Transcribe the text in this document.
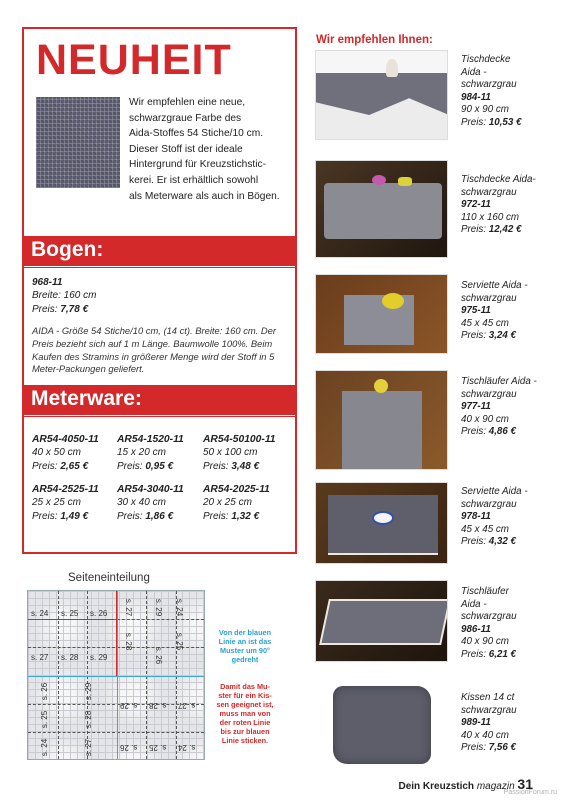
NEUHEIT
Wir empfehlen eine neue,
schwarzgraue Farbe des
Aida-Stoffes 54 Stiche/10 cm.
Dieser Stoff ist der ideale
Hintergrund für Kreuzstichstic-
kerei. Er ist erhältlich sowohl
als Meterware als auch in Bögen.
Bogen:
968-11
Breite: 160 cm
Preis: 7,78 €
AIDA - Größe 54 Stiche/10 cm, (14 ct). Breite: 160 cm. Der
Preis bezieht sich auf 1 m Länge. Baumwolle 100%. Beim
Kaufen des Stramins in größerer Menge wird der Stoff in 5
Meter-Packungen geliefert.
Meterware:
AR54-4050-11
40 x 50 cm
Preis: 2,65 €
AR54-1520-11
15 x 20 cm
Preis: 0,95 €
AR54-50100-11
50 x 100 cm
Preis: 3,48 €
AR54-2525-11
25 x 25 cm
Preis: 1,49 €
AR54-3040-11
30 x 40 cm
Preis: 1,86 €
AR54-2025-11
20 x 25 cm
Preis: 1,32 €
Seiteneinteilung
s. 24 s. 25 s. 26
s. 27 s. 28 s. 29
s. 27
s. 28
s. 29 s. 24
s. 25
s. 26
s. 26
s. 25
s. 24
s. 29
s. 28
s. 27
s. 29 s. 28 s. 27
s. 26 s. 25 s. 24
Von der blauen
Linie an ist das
Muster um 90°
gedreht
Damit das Mu-
ster für ein Kis-
sen geeignet ist,
muss man von
der roten Linie
bis zur blauen
Linie sticken.
Wir empfehlen Ihnen:
Tischdecke
Aida -
schwarzgrau
984-11
90 x 90 cm
Preis: 10,53 €
Tischdecke Aida-
schwarzgrau
972-11
110 x 160 cm
Preis: 12,42 €
Serviette Aida -
schwarzgrau
975-11
45 x 45 cm
Preis: 3,24 €
Tischläufer Aida -
schwarzgrau
977-11
40 x 90 cm
Preis: 4,86 €
Serviette Aida -
schwarzgrau
978-11
45 x 45 cm
Preis: 4,32 €
Tischläufer
Aida -
schwarzgrau
986-11
40 x 90 cm
Preis: 6,21 €
Kissen 14 ct
schwarzgrau
989-11
40 x 40 cm
Preis: 7,56 €
Dein Kreuzstich magazin 31
PassionForum.ru
